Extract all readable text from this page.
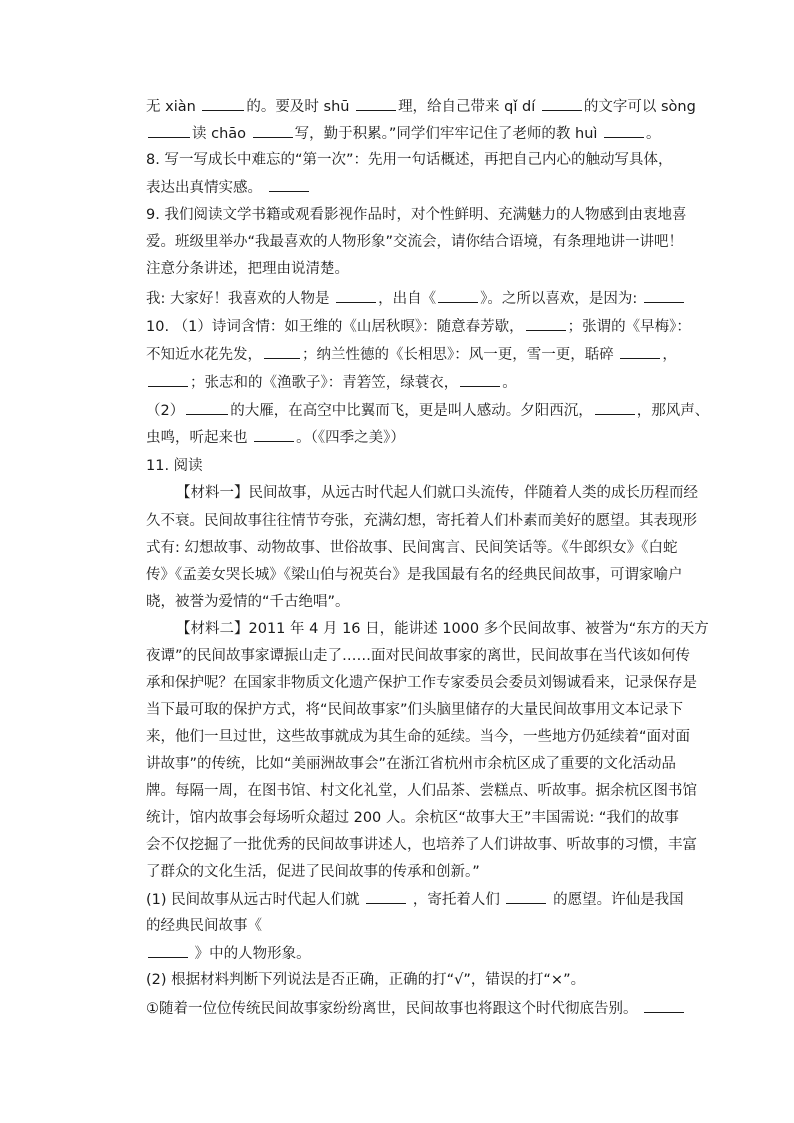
无 xiàn	的。要及时 shū	理，给自己带来 qǐ dí	的文字可以 sòng
读 chāo	写，勤于积累。”同学们牢牢记住了老师的教 huì	。
8. 写一写成长中难忘的“第一次”：先用一句话概述，再把自己内心的触动写具体，
表达出真情实感。
9. 我们阅读文学书籍或观看影视作品时，对个性鲜明、充满魅力的人物感到由衷地喜
爱。班级里举办“我最喜欢的人物形象”交流会，请你结合语境，有条理地讲一讲吧！
注意分条讲述，把理由说清楚。
我: 大家好！我喜欢的人物是	，出自《	》。之所以喜欢，是因为:
10. （1）诗词含情：如王维的《山居秋暝》：随意春芳歇，	；张谓的《早梅》：
不知近水花先发，	；纳兰性德的《长相思》：风一更，雪一更，聒碎	，
；张志和的《渔歌子》：青箬笠，绿蓑衣，	。
（2）	的大雁，在高空中比翼而飞，更是叫人感动。夕阳西沉，	，那风声、
虫鸣，听起来也	。（《四季之美》）
11. 阅读
【材料一】民间故事，从远古时代起人们就口头流传，伴随着人类的成长历程而经
久不衰。民间故事往往情节夸张，充满幻想，寄托着人们朴素而美好的愿望。其表现形
式有: 幻想故事、动物故事、世俗故事、民间寓言、民间笑话等。《牛郎织女》《白蛇
传》《孟姜女哭长城》《梁山伯与祝英台》是我国最有名的经典民间故事，可谓家喻户
晓，被誉为爱情的“千古绝唱”。
【材料二】2011 年 4 月 16 日，能讲述 1000 多个民间故事、被誉为“东方的天方
夜谭”的民间故事家谭振山走了……面对民间故事家的离世，民间故事在当代该如何传
承和保护呢？在国家非物质文化遗产保护工作专家委员会委员刘锡诚看来，记录保存是
当下最可取的保护方式，将“民间故事家”们头脑里储存的大量民间故事用文本记录下
来，他们一旦过世，这些故事就成为其生命的延续。当今，一些地方仍延续着“面对面
讲故事”的传统，比如“美丽洲故事会”在浙江省杭州市余杭区成了重要的文化活动品
牌。每隔一周，在图书馆、村文化礼堂，人们品茶、尝糕点、听故事。据余杭区图书馆
统计，馆内故事会每场听众超过 200 人。余杭区“故事大王”丰国需说: “我们的故事
会不仅挖掘了一批优秀的民间故事讲述人，也培养了人们讲故事、听故事的习惯，丰富
了群众的文化生活，促进了民间故事的传承和创新。”
(1) 民间故事从远古时代起人们就	，寄托着人们	的愿望。许仙是我国
的经典民间故事《
》中的人物形象。
(2) 根据材料判断下列说法是否正确，正确的打“√”，错误的打“×”。
①随着一位位传统民间故事家纷纷离世，民间故事也将跟这个时代彻底告别。
